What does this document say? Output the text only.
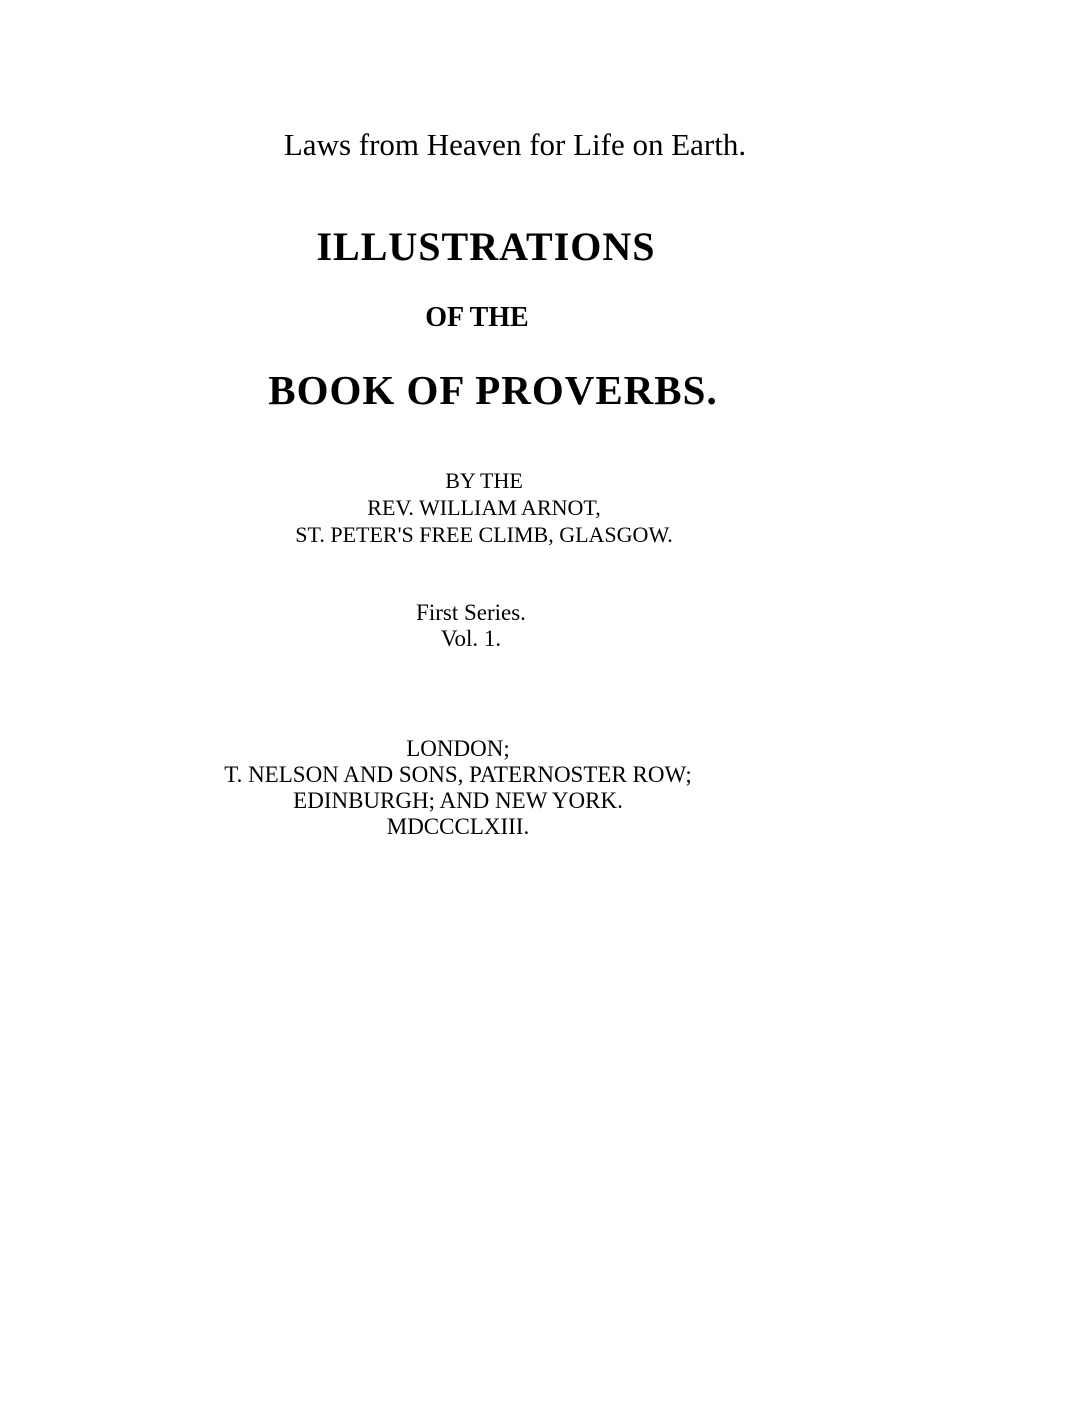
Laws from Heaven for Life on Earth.
ILLUSTRATIONS
OF THE
BOOK OF PROVERBS.
BY THE
REV. WILLIAM ARNOT,
ST. PETER'S FREE CLIMB, GLASGOW.
First Series.
Vol. 1.
LONDON;
T. NELSON AND SONS, PATERNOSTER ROW;
EDINBURGH; AND NEW YORK.
MDCCCLXIII.
